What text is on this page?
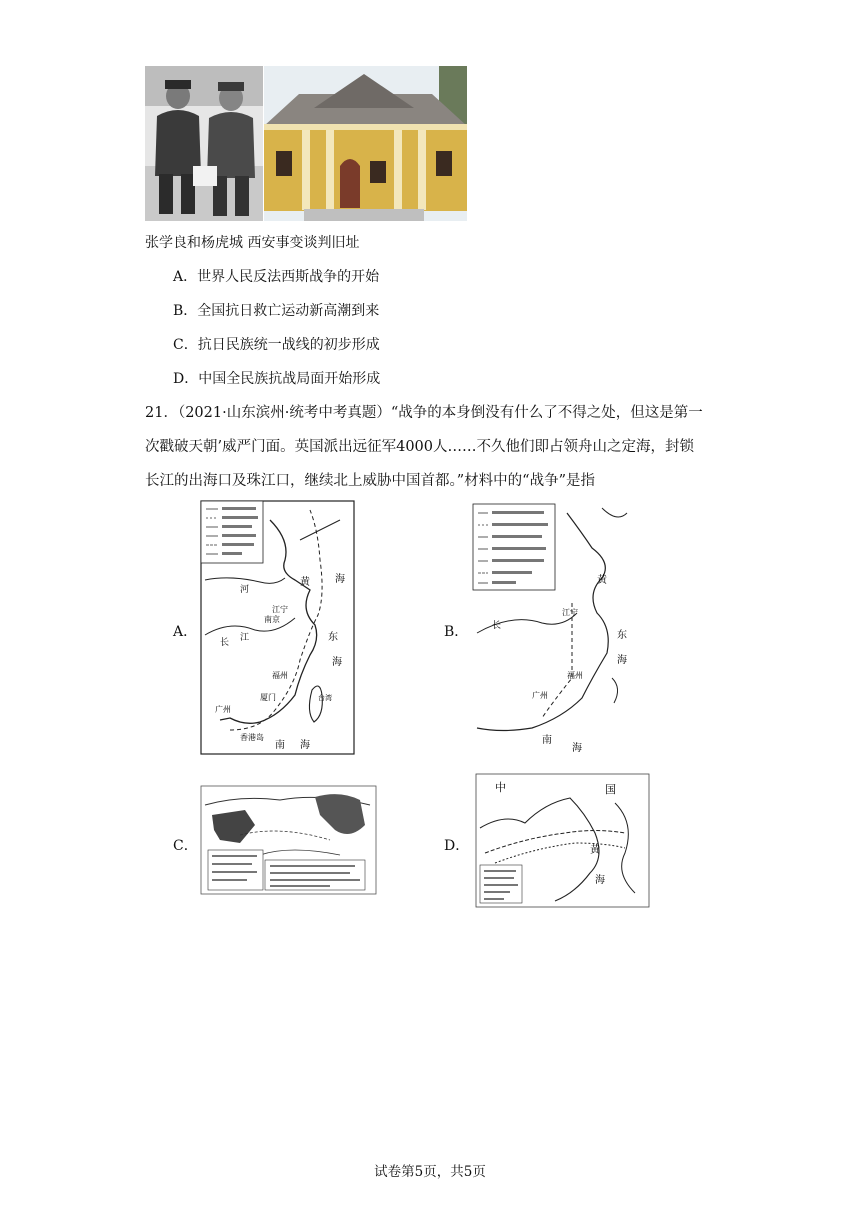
张学良和杨虎城 西安事变谈判旧址
A．世界人民反法西斯战争的开始
B．全国抗日救亡运动新高潮到来
C．抗日民族统一战线的初步形成
D．中国全民族抗战局面开始形成
21．（2021·山东滨州·统考中考真题）“战争的本身倒没有什么了不得之处，但这是第一
次戳破天朝’威严门面。英国派出远征军4000人……不久他们即占领舟山之定海，封锁
长江的出海口及珠江口，继续北上威胁中国首都。”材料中的“战争”是指
A．	B．
C．	D．
江宁
南京
福州
厦门
广州
香港岛
台湾
黄	海
东
海
南 海
长 江
河
江宁
福州
广州
东
海
南
海
黄
长
中	国
黄
海
试卷第5页，共5页
